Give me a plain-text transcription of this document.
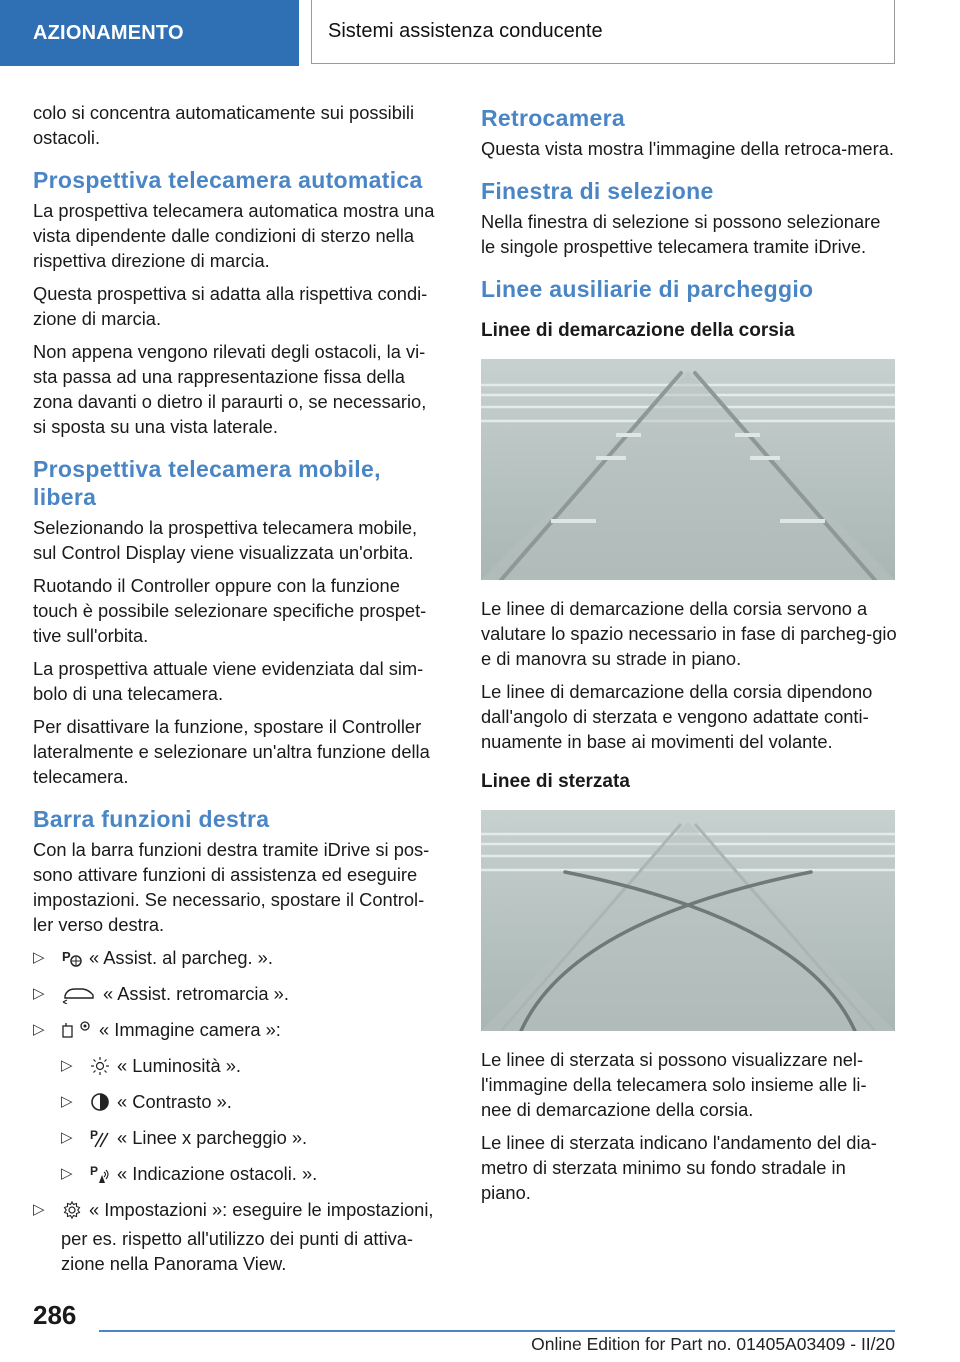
AZIONAMENTO	Sistemi assistenza conducente

colo si concentra automaticamente sui possibili ostacoli.

Prospettiva telecamera automatica

La prospettiva telecamera automatica mostra una vista dipendente dalle condizioni di sterzo nella rispettiva direzione di marcia.

Questa prospettiva si adatta alla rispettiva condi-zione di marcia.

Non appena vengono rilevati degli ostacoli, la vi-sta passa ad una rappresentazione fissa della zona davanti o dietro il paraurti o, se necessario, si sposta su una vista laterale.

Prospettiva telecamera mobile, libera

Selezionando la prospettiva telecamera mobile, sul Control Display viene visualizzata un'orbita.

Ruotando il Controller oppure con la funzione touch è possibile selezionare specifiche prospet-tive sull'orbita.

La prospettiva attuale viene evidenziata dal sim-bolo di una telecamera.

Per disattivare la funzione, spostare il Controller lateralmente e selezionare un'altra funzione della telecamera.

Barra funzioni destra

Con la barra funzioni destra tramite iDrive si pos-sono attivare funzioni di assistenza ed eseguire impostazioni. Se necessario, spostare il Control-ler verso destra.

▷ P « Assist. al parcheg. ».
▷	« Assist. retromarcia ».
▷	« Immagine camera »:
▷ « Luminosità ».
▷ « Contrasto ».
▷ P « Linee x parcheggio ».
▷ P « Indicazione ostacoli. ».
▷ « Impostazioni »: eseguire le impostazioni, per es. rispetto all'utilizzo dei punti di attiva-zione nella Panorama View.
Retrocamera

Questa vista mostra l'immagine della retroca-mera.

Finestra di selezione

Nella finestra di selezione si possono selezionare le singole prospettive telecamera tramite iDrive.

Linee ausiliarie di parcheggio
Linee di demarcazione della corsia

Le linee di demarcazione della corsia servono a valutare lo spazio necessario in fase di parcheg-gio e di manovra su strade in piano.

Le linee di demarcazione della corsia dipendono dall'angolo di sterzata e vengono adattate conti-nuamente in base ai movimenti del volante.

Linee di sterzata

Le linee di sterzata si possono visualizzare nel-l'immagine della telecamera solo insieme alle li-nee di demarcazione della corsia.

Le linee di sterzata indicano l'andamento del dia-metro di sterzata minimo su fondo stradale in piano.

286
Online Edition for Part no. 01405A03409 - II/20
